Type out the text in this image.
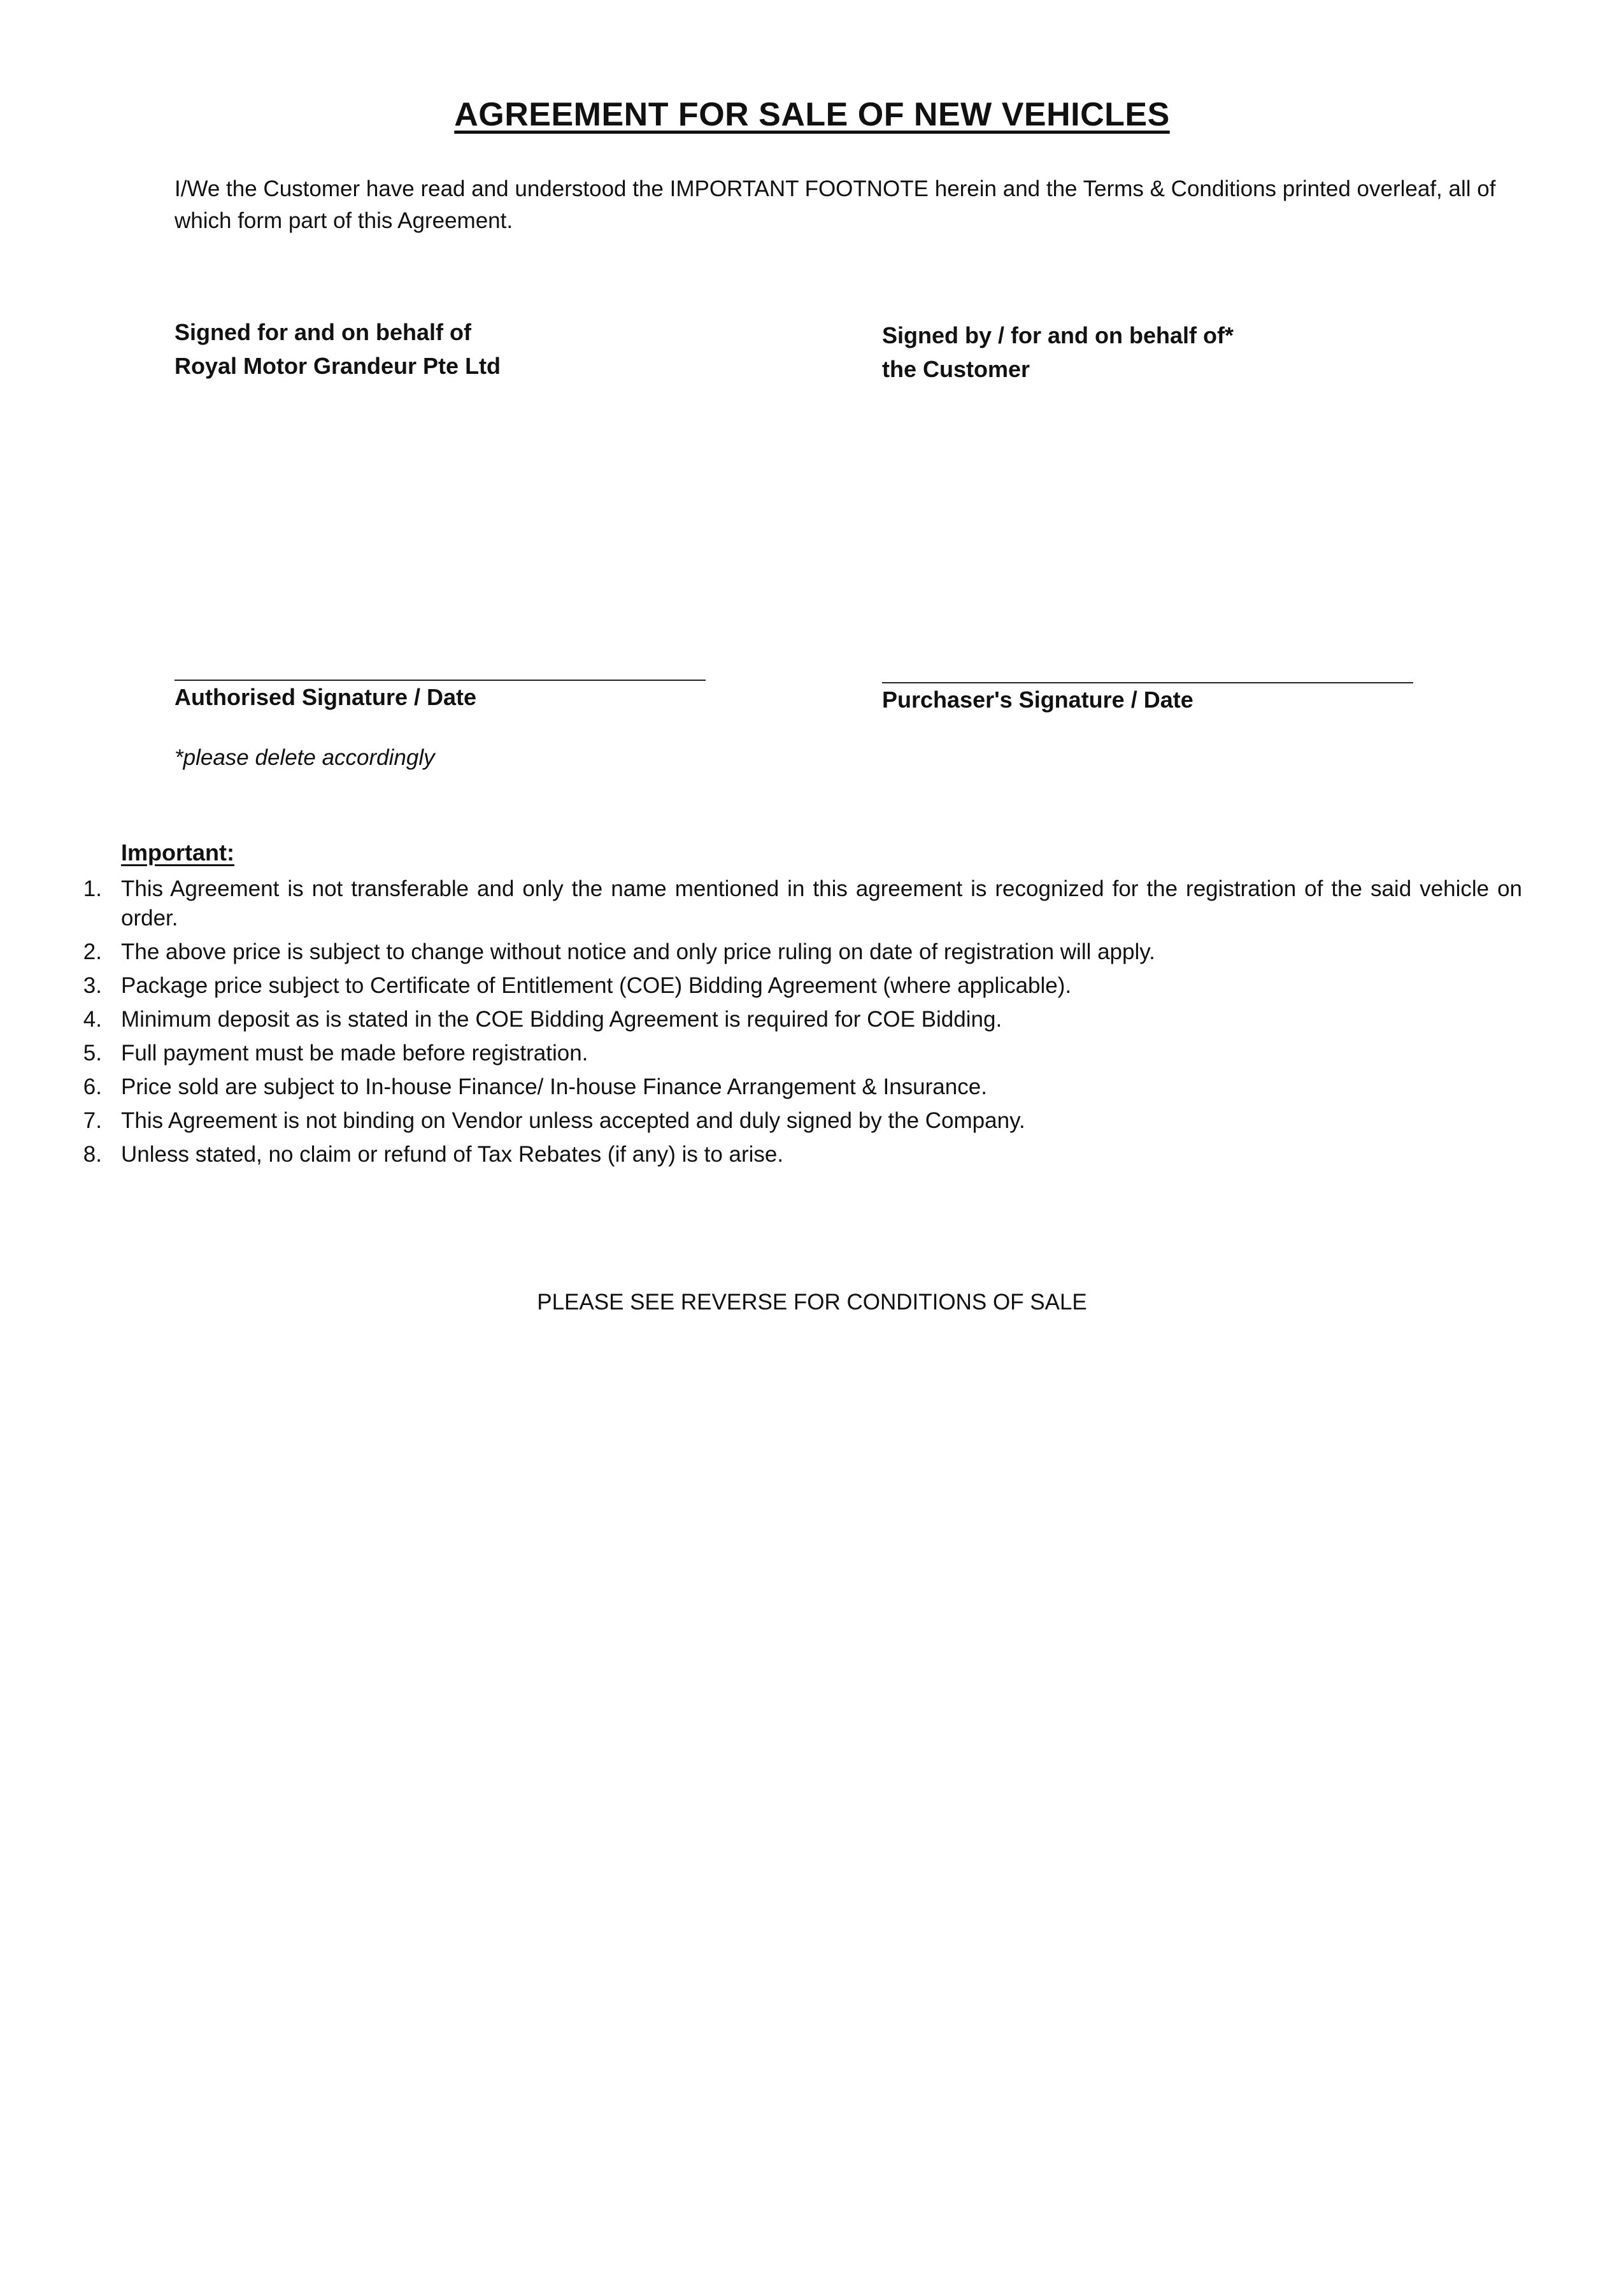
AGREEMENT FOR SALE OF NEW VEHICLES
I/We the Customer have read and understood the IMPORTANT FOOTNOTE herein and the Terms & Conditions printed overleaf, all of which form part of this Agreement.
Signed for and on behalf of
Royal Motor Grandeur Pte Ltd
Signed by / for and on behalf of*
the Customer
Authorised Signature / Date	Purchaser's Signature / Date
*please delete accordingly
Important:
1. This Agreement is not transferable and only the name mentioned in this agreement is recognized for the registration of the said vehicle on order.
2. The above price is subject to change without notice and only price ruling on date of registration will apply.
3. Package price subject to Certificate of Entitlement (COE) Bidding Agreement (where applicable).
4. Minimum deposit as is stated in the COE Bidding Agreement is required for COE Bidding.
5. Full payment must be made before registration.
6. Price sold are subject to In-house Finance/ In-house Finance Arrangement & Insurance.
7. This Agreement is not binding on Vendor unless accepted and duly signed by the Company.
8. Unless stated, no claim or refund of Tax Rebates (if any) is to arise.
PLEASE SEE REVERSE FOR CONDITIONS OF SALE
